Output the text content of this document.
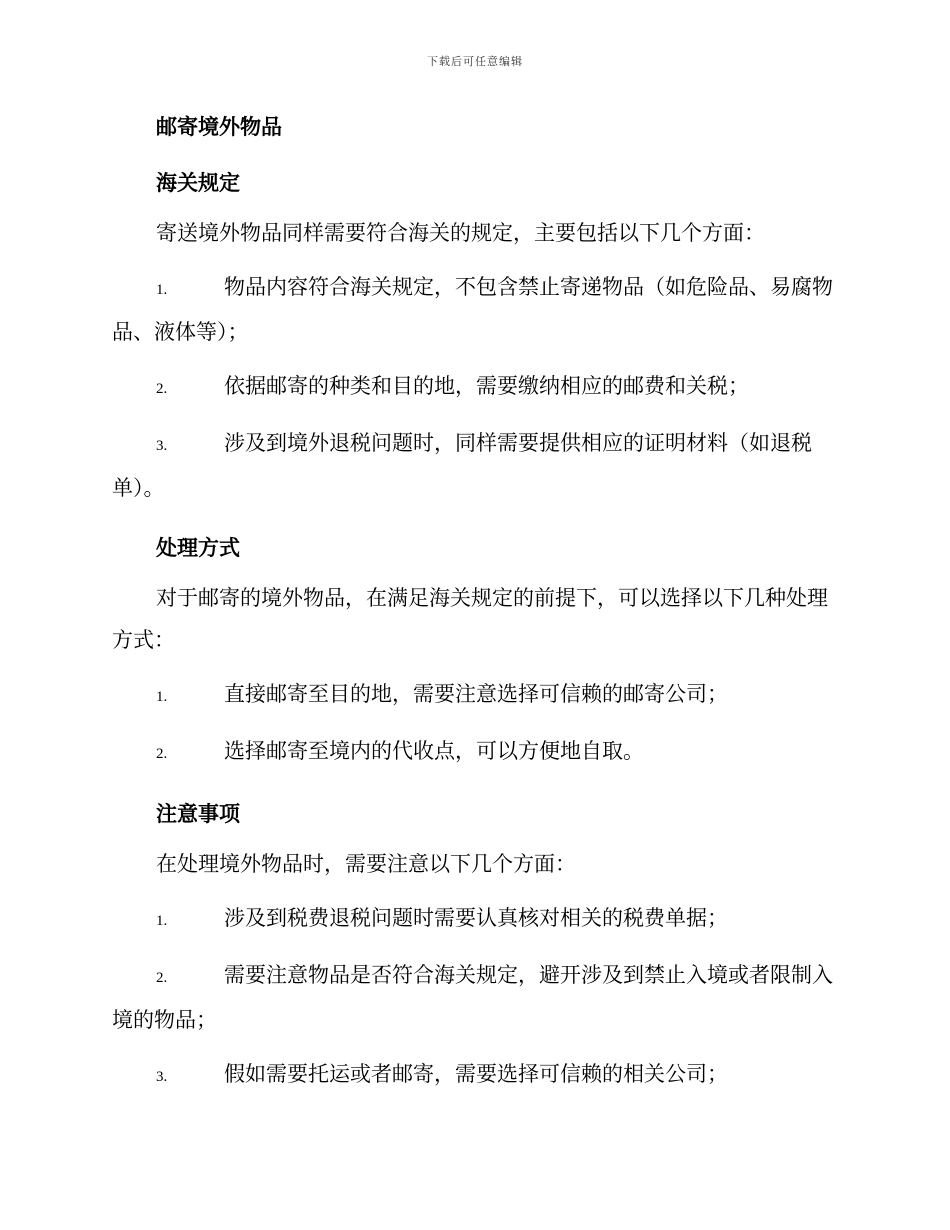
下载后可任意编辑
邮寄境外物品
海关规定
寄送境外物品同样需要符合海关的规定，主要包括以下几个方面：
1.	物品内容符合海关规定，不包含禁止寄递物品（如危险品、易腐物品、液体等）；
2.	依据邮寄的种类和目的地，需要缴纳相应的邮费和关税；
3.	涉及到境外退税问题时，同样需要提供相应的证明材料（如退税单）。
处理方式
对于邮寄的境外物品，在满足海关规定的前提下，可以选择以下几种处理方式：
1.	直接邮寄至目的地，需要注意选择可信赖的邮寄公司；
2.	选择邮寄至境内的代收点，可以方便地自取。
注意事项
在处理境外物品时，需要注意以下几个方面：
1.	涉及到税费退税问题时需要认真核对相关的税费单据；
2.	需要注意物品是否符合海关规定，避开涉及到禁止入境或者限制入境的物品；
3.	假如需要托运或者邮寄，需要选择可信赖的相关公司；
